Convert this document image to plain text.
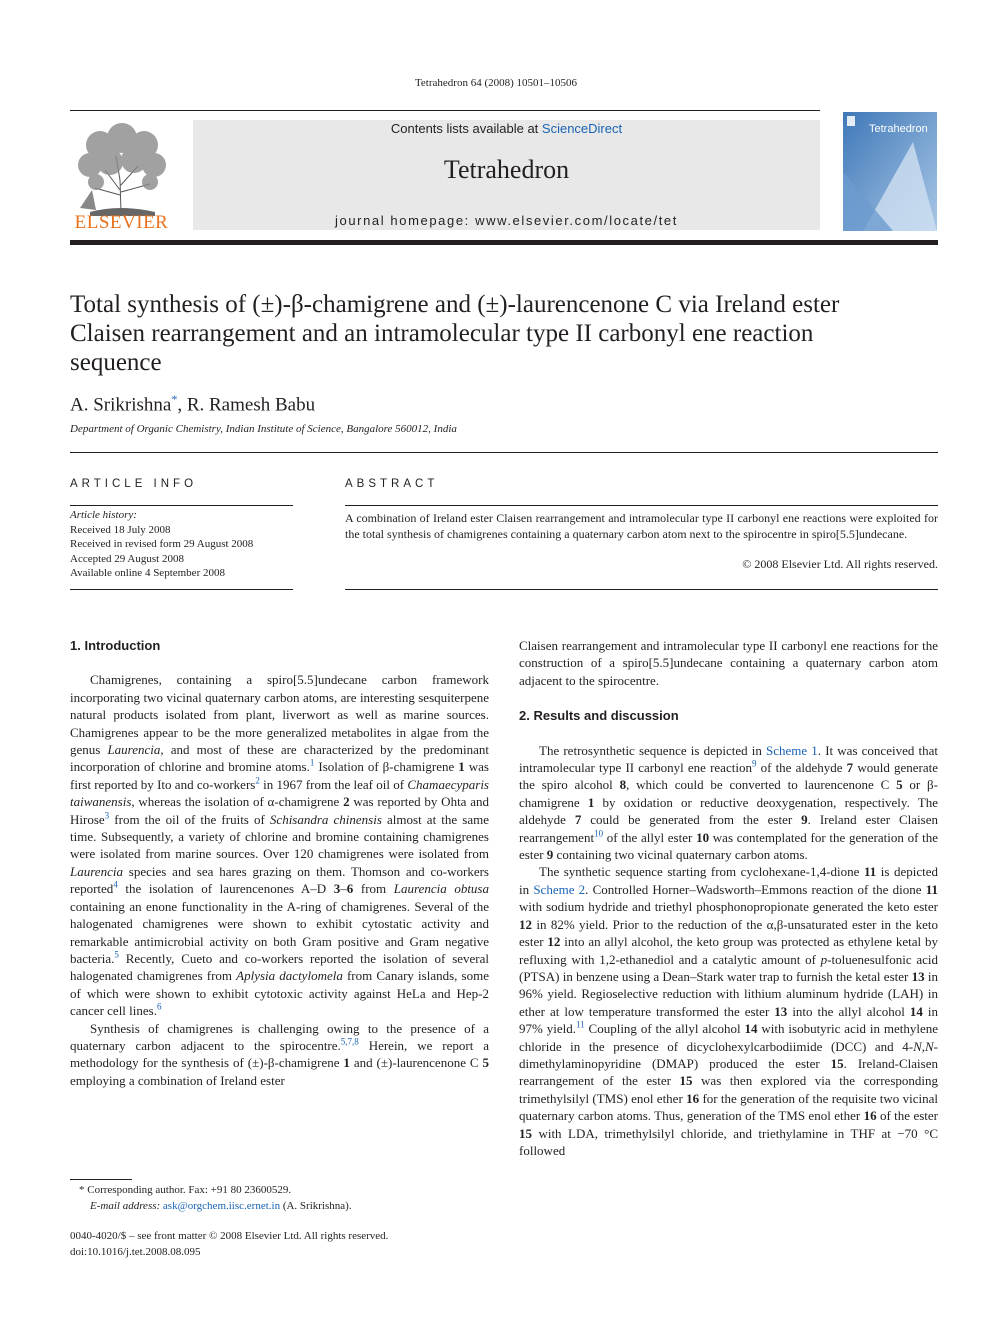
Tetrahedron 64 (2008) 10501–10506
ELSEVIER
Contents lists available at ScienceDirect
Tetrahedron
journal homepage: www.elsevier.com/locate/tet
Tetrahedron
Total synthesis of (±)-β-chamigrene and (±)-laurencenone C via Ireland ester Claisen rearrangement and an intramolecular type II carbonyl ene reaction sequence
A. Srikrishna*, R. Ramesh Babu
Department of Organic Chemistry, Indian Institute of Science, Bangalore 560012, India
ARTICLE INFO
Article history:
Received 18 July 2008
Received in revised form 29 August 2008
Accepted 29 August 2008
Available online 4 September 2008
ABSTRACT
A combination of Ireland ester Claisen rearrangement and intramolecular type II carbonyl ene reactions were exploited for the total synthesis of chamigrenes containing a quaternary carbon atom next to the spirocentre in spiro[5.5]undecane.
© 2008 Elsevier Ltd. All rights reserved.
1. Introduction

Chamigrenes, containing a spiro[5.5]undecane carbon framework incorporating two vicinal quaternary carbon atoms, are interesting sesquiterpene natural products isolated from plant, liverwort as well as marine sources. Chamigrenes appear to be the more generalized metabolites in algae from the genus Laurencia, and most of these are characterized by the predominant incorporation of chlorine and bromine atoms.$^1$ Isolation of β-chamigrene 1 was first reported by Ito and co-workers$^2$ in 1967 from the leaf oil of Chamaecyparis taiwanensis, whereas the isolation of α-chamigrene 2 was reported by Ohta and Hirose$^3$ from the oil of the fruits of Schisandra chinensis almost at the same time. Subsequently, a variety of chlorine and bromine containing chamigrenes were isolated from marine sources. Over 120 chamigrenes were isolated from Laurencia species and sea hares grazing on them. Thomson and co-workers reported$^4$ the isolation of laurencenones A–D 3–6 from Laurencia obtusa containing an enone functionality in the A-ring of chamigrenes. Several of the halogenated chamigrenes were shown to exhibit cytostatic activity and remarkable antimicrobial activity on both Gram positive and Gram negative bacteria.$^5$ Recently, Cueto and co-workers reported the isolation of several halogenated chamigrenes from Aplysia dactylomela from Canary islands, some of which were shown to exhibit cytotoxic activity against HeLa and Hep-2 cancer cell lines.$^6$

Synthesis of chamigrenes is challenging owing to the presence of a quaternary carbon adjacent to the spirocentre.$^{5,7,8}$ Herein, we report a methodology for the synthesis of (±)-β-chamigrene 1 and (±)-laurencenone C 5 employing a combination of Ireland ester

Claisen rearrangement and intramolecular type II carbonyl ene reactions for the construction of a spiro[5.5]undecane containing a quaternary carbon atom adjacent to the spirocentre.

2. Results and discussion

The retrosynthetic sequence is depicted in Scheme 1. It was conceived that intramolecular type II carbonyl ene reaction$^9$ of the aldehyde 7 would generate the spiro alcohol 8, which could be converted to laurencenone C 5 or β-chamigrene 1 by oxidation or reductive deoxygenation, respectively. The aldehyde 7 could be generated from the ester 9. Ireland ester Claisen rearrangement$^{10}$ of the allyl ester 10 was contemplated for the generation of the ester 9 containing two vicinal quaternary carbon atoms.

The synthetic sequence starting from cyclohexane-1,4-dione 11 is depicted in Scheme 2. Controlled Horner–Wadsworth–Emmons reaction of the dione 11 with sodium hydride and triethyl phosphonopropionate generated the keto ester 12 in 82% yield. Prior to the reduction of the α,β-unsaturated ester in the keto ester 12 into an allyl alcohol, the keto group was protected as ethylene ketal by refluxing with 1,2-ethanediol and a catalytic amount of p-toluenesulfonic acid (PTSA) in benzene using a Dean–Stark water trap to furnish the ketal ester 13 in 96% yield. Regioselective reduction with lithium aluminum hydride (LAH) in ether at low temperature transformed the ester 13 into the allyl alcohol 14 in 97% yield.$^{11}$ Coupling of the allyl alcohol 14 with isobutyric acid in methylene chloride in the presence of dicyclohexylcarbodiimide (DCC) and 4-N,N-dimethylaminopyridine (DMAP) produced the ester 15. Ireland-Claisen rearrangement of the ester 15 was then explored via the corresponding trimethylsilyl (TMS) enol ether 16 for the generation of the requisite two vicinal quaternary carbon atoms. Thus, generation of the TMS enol ether 16 of the ester 15 with LDA, trimethylsilyl chloride, and triethylamine in THF at −70 °C followed

* Corresponding author. Fax: +91 80 23600529.
E-mail address: ask@orgchem.iisc.ernet.in (A. Srikrishna).
0040-4020/$ – see front matter © 2008 Elsevier Ltd. All rights reserved.
doi:10.1016/j.tet.2008.08.095
